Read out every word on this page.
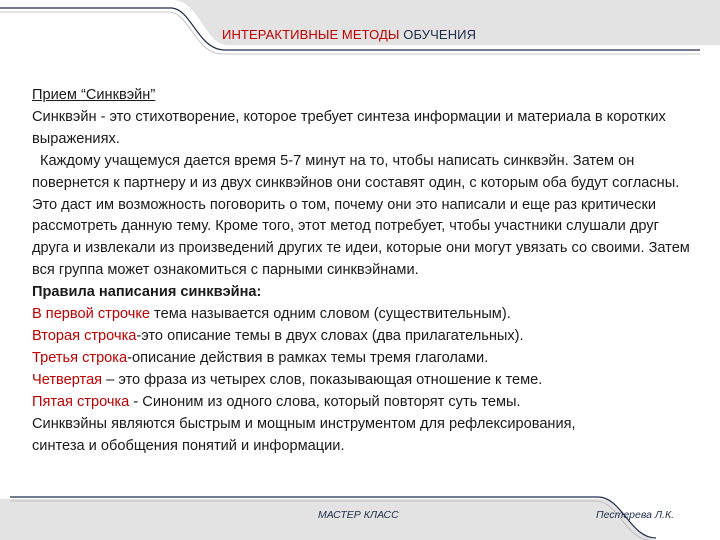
ИНТЕРАКТИВНЫЕ МЕТОДЫ ОБУЧЕНИЯ

Прием “Синквэйн”

Синквэйн - это стихотворение, которое требует синтеза информации и материала в коротких выражениях.

Каждому учащемуся дается время 5-7 минут на то, чтобы написать синквэйн. Затем он повернется к партнеру и из двух синквэйнов они составят один, с которым оба будут согласны. Это даст им возможность поговорить о том, почему они это написали и еще раз критически рассмотреть данную тему. Кроме того, этот метод потребует, чтобы участники слушали друг друга и извлекали из произведений других те идеи, которые они могут увязать со своими. Затем вся группа может ознакомиться с парными синквэйнами.

Правила написания синквэйна:

В первой строчке тема называется одним словом (существительным).

Вторая строчка-это описание темы в двух словах (два прилагательных).

Третья строка-описание действия в рамках темы тремя глаголами.

Четвертая – это фраза из четырех слов, показывающая отношение к теме.

Пятая строчка - Синоним из одного слова, который повторят суть темы.

Синквэйны являются быстрым и мощным инструментом для рефлексирования,

синтеза и обобщения понятий и информации.

МАСТЕР КЛАСС	Пестерева Л.К.
